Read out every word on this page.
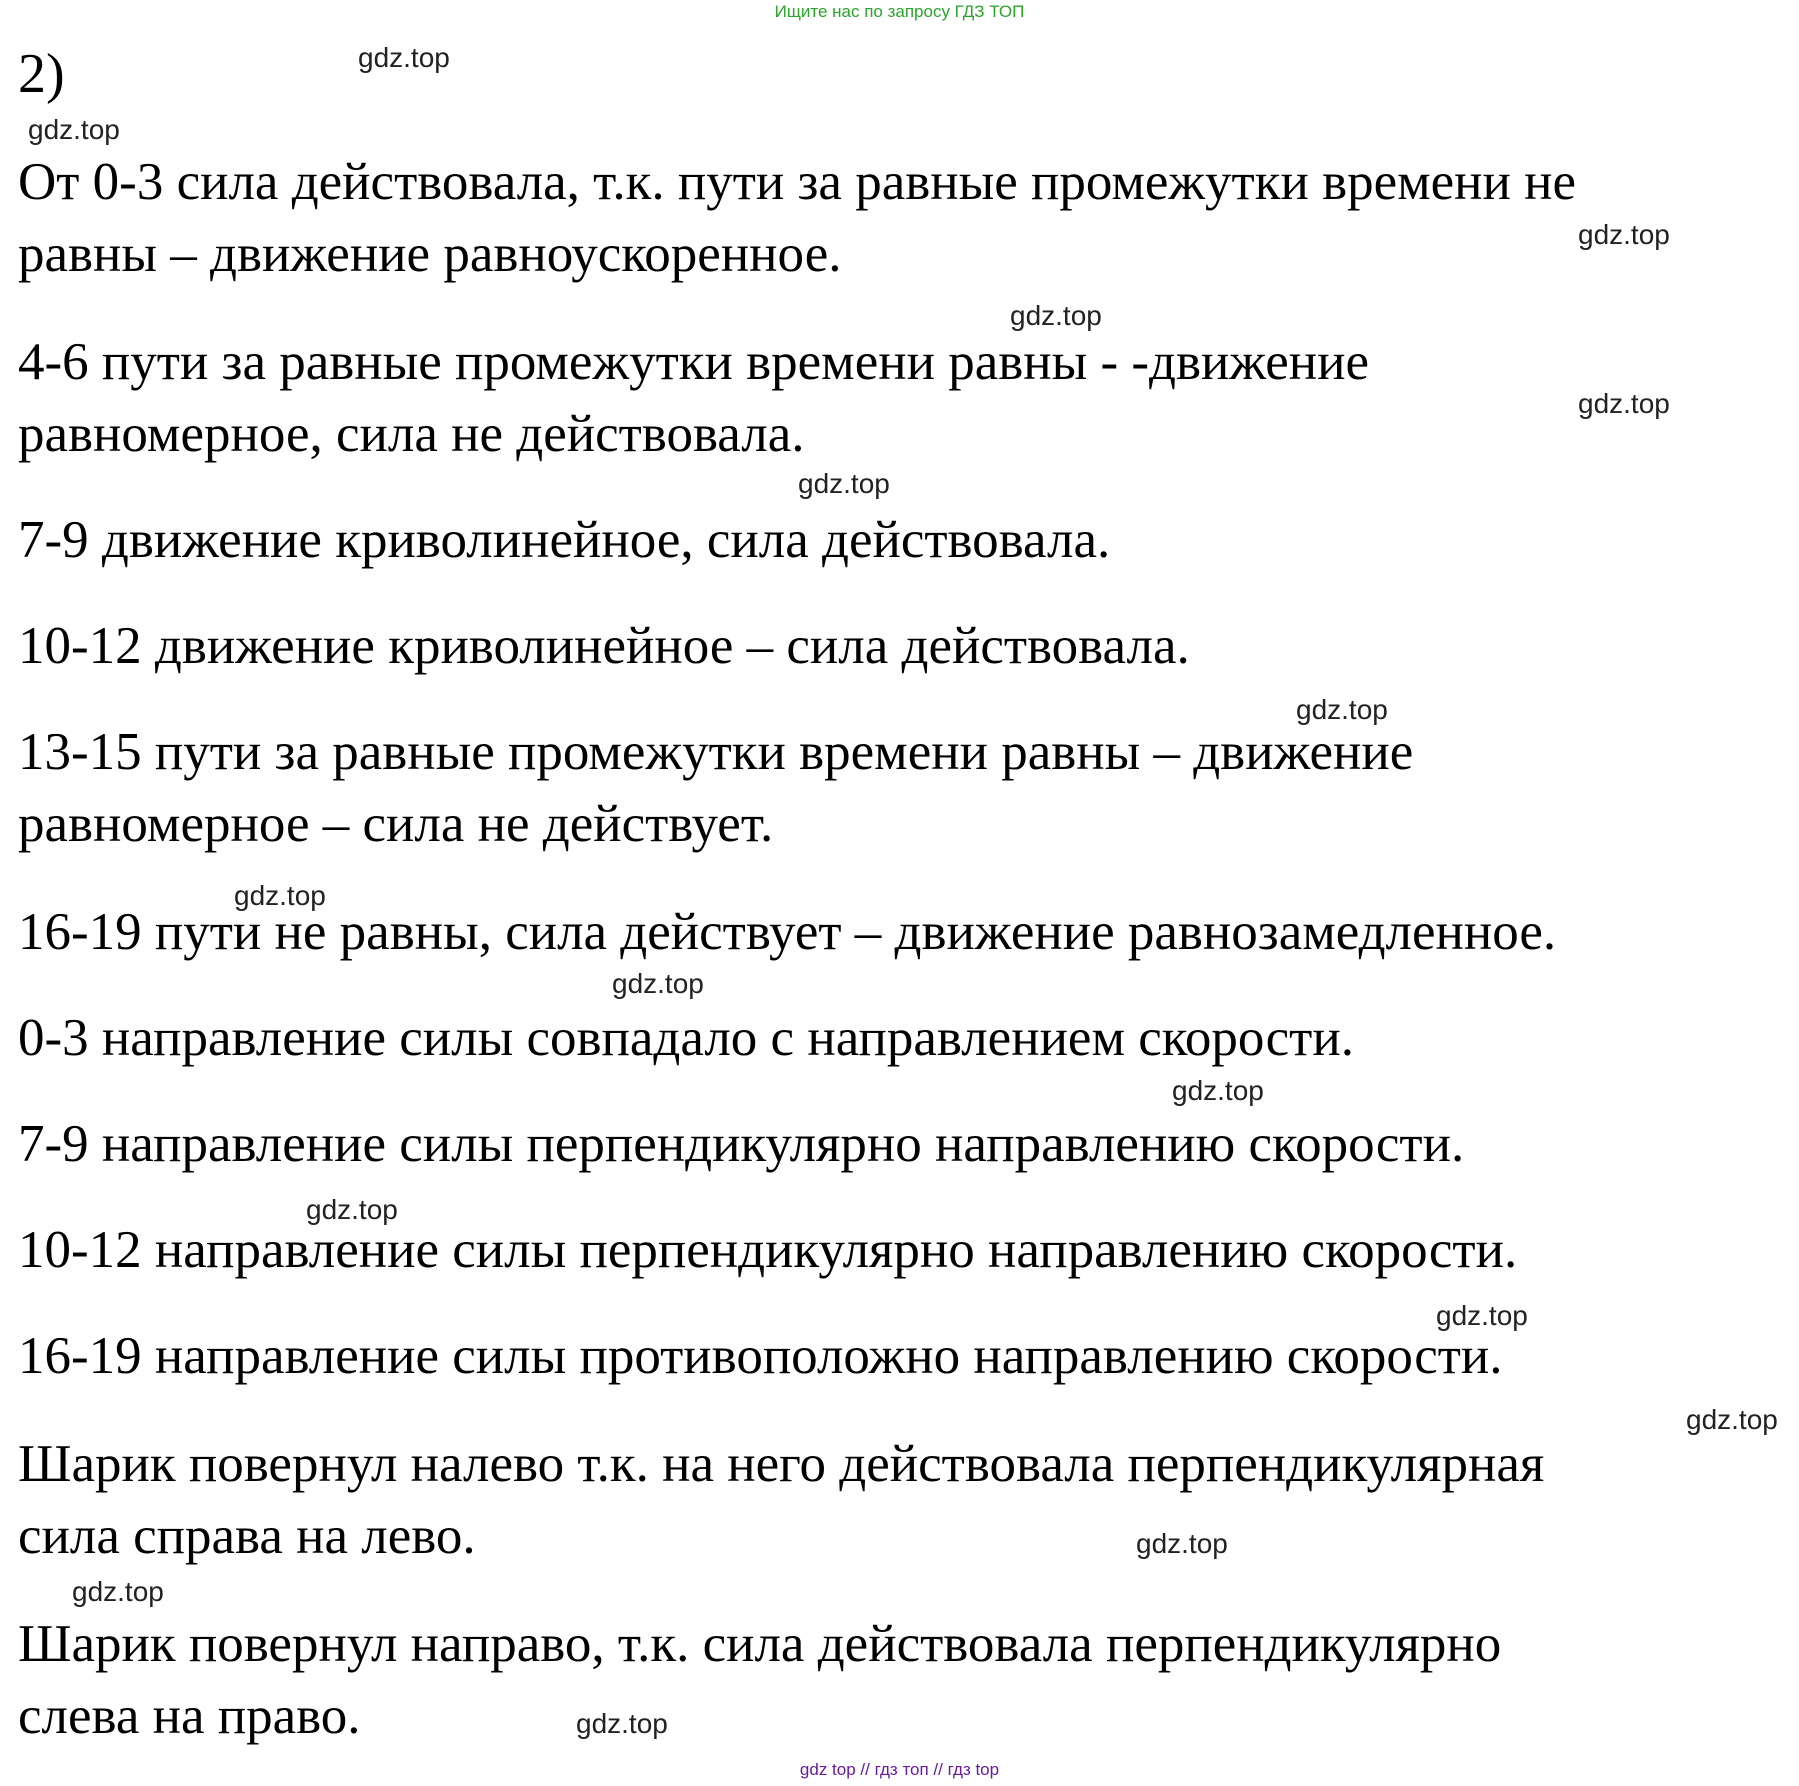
Ищите нас по запросу ГДЗ ТОП
2)
От 0-3 сила действовала, т.к. пути за равные промежутки времени не
равны – движение равноускоренное.
4-6 пути за равные промежутки времени равны - -движение
равномерное, сила не действовала.
7-9 движение криволинейное, сила действовала.
10-12 движение криволинейное – сила действовала.
13-15 пути за равные промежутки времени равны – движение
равномерное – сила не действует.
16-19 пути не равны, сила действует – движение равнозамедленное.
0-3 направление силы совпадало с направлением скорости.
7-9 направление силы перпендикулярно направлению скорости.
10-12 направление силы перпендикулярно направлению скорости.
16-19 направление силы противоположно направлению скорости.
Шарик повернул налево т.к. на него действовала перпендикулярная
сила справа на лево.
Шарик повернул направо, т.к. сила действовала перпендикулярно
слева на право.
gdz.top
gdz.top
gdz.top
gdz.top
gdz.top
gdz.top
gdz.top
gdz.top
gdz.top
gdz.top
gdz.top
gdz.top
gdz.top
gdz.top
gdz.top
gdz.top
gdz top // гдз топ // гдз top
